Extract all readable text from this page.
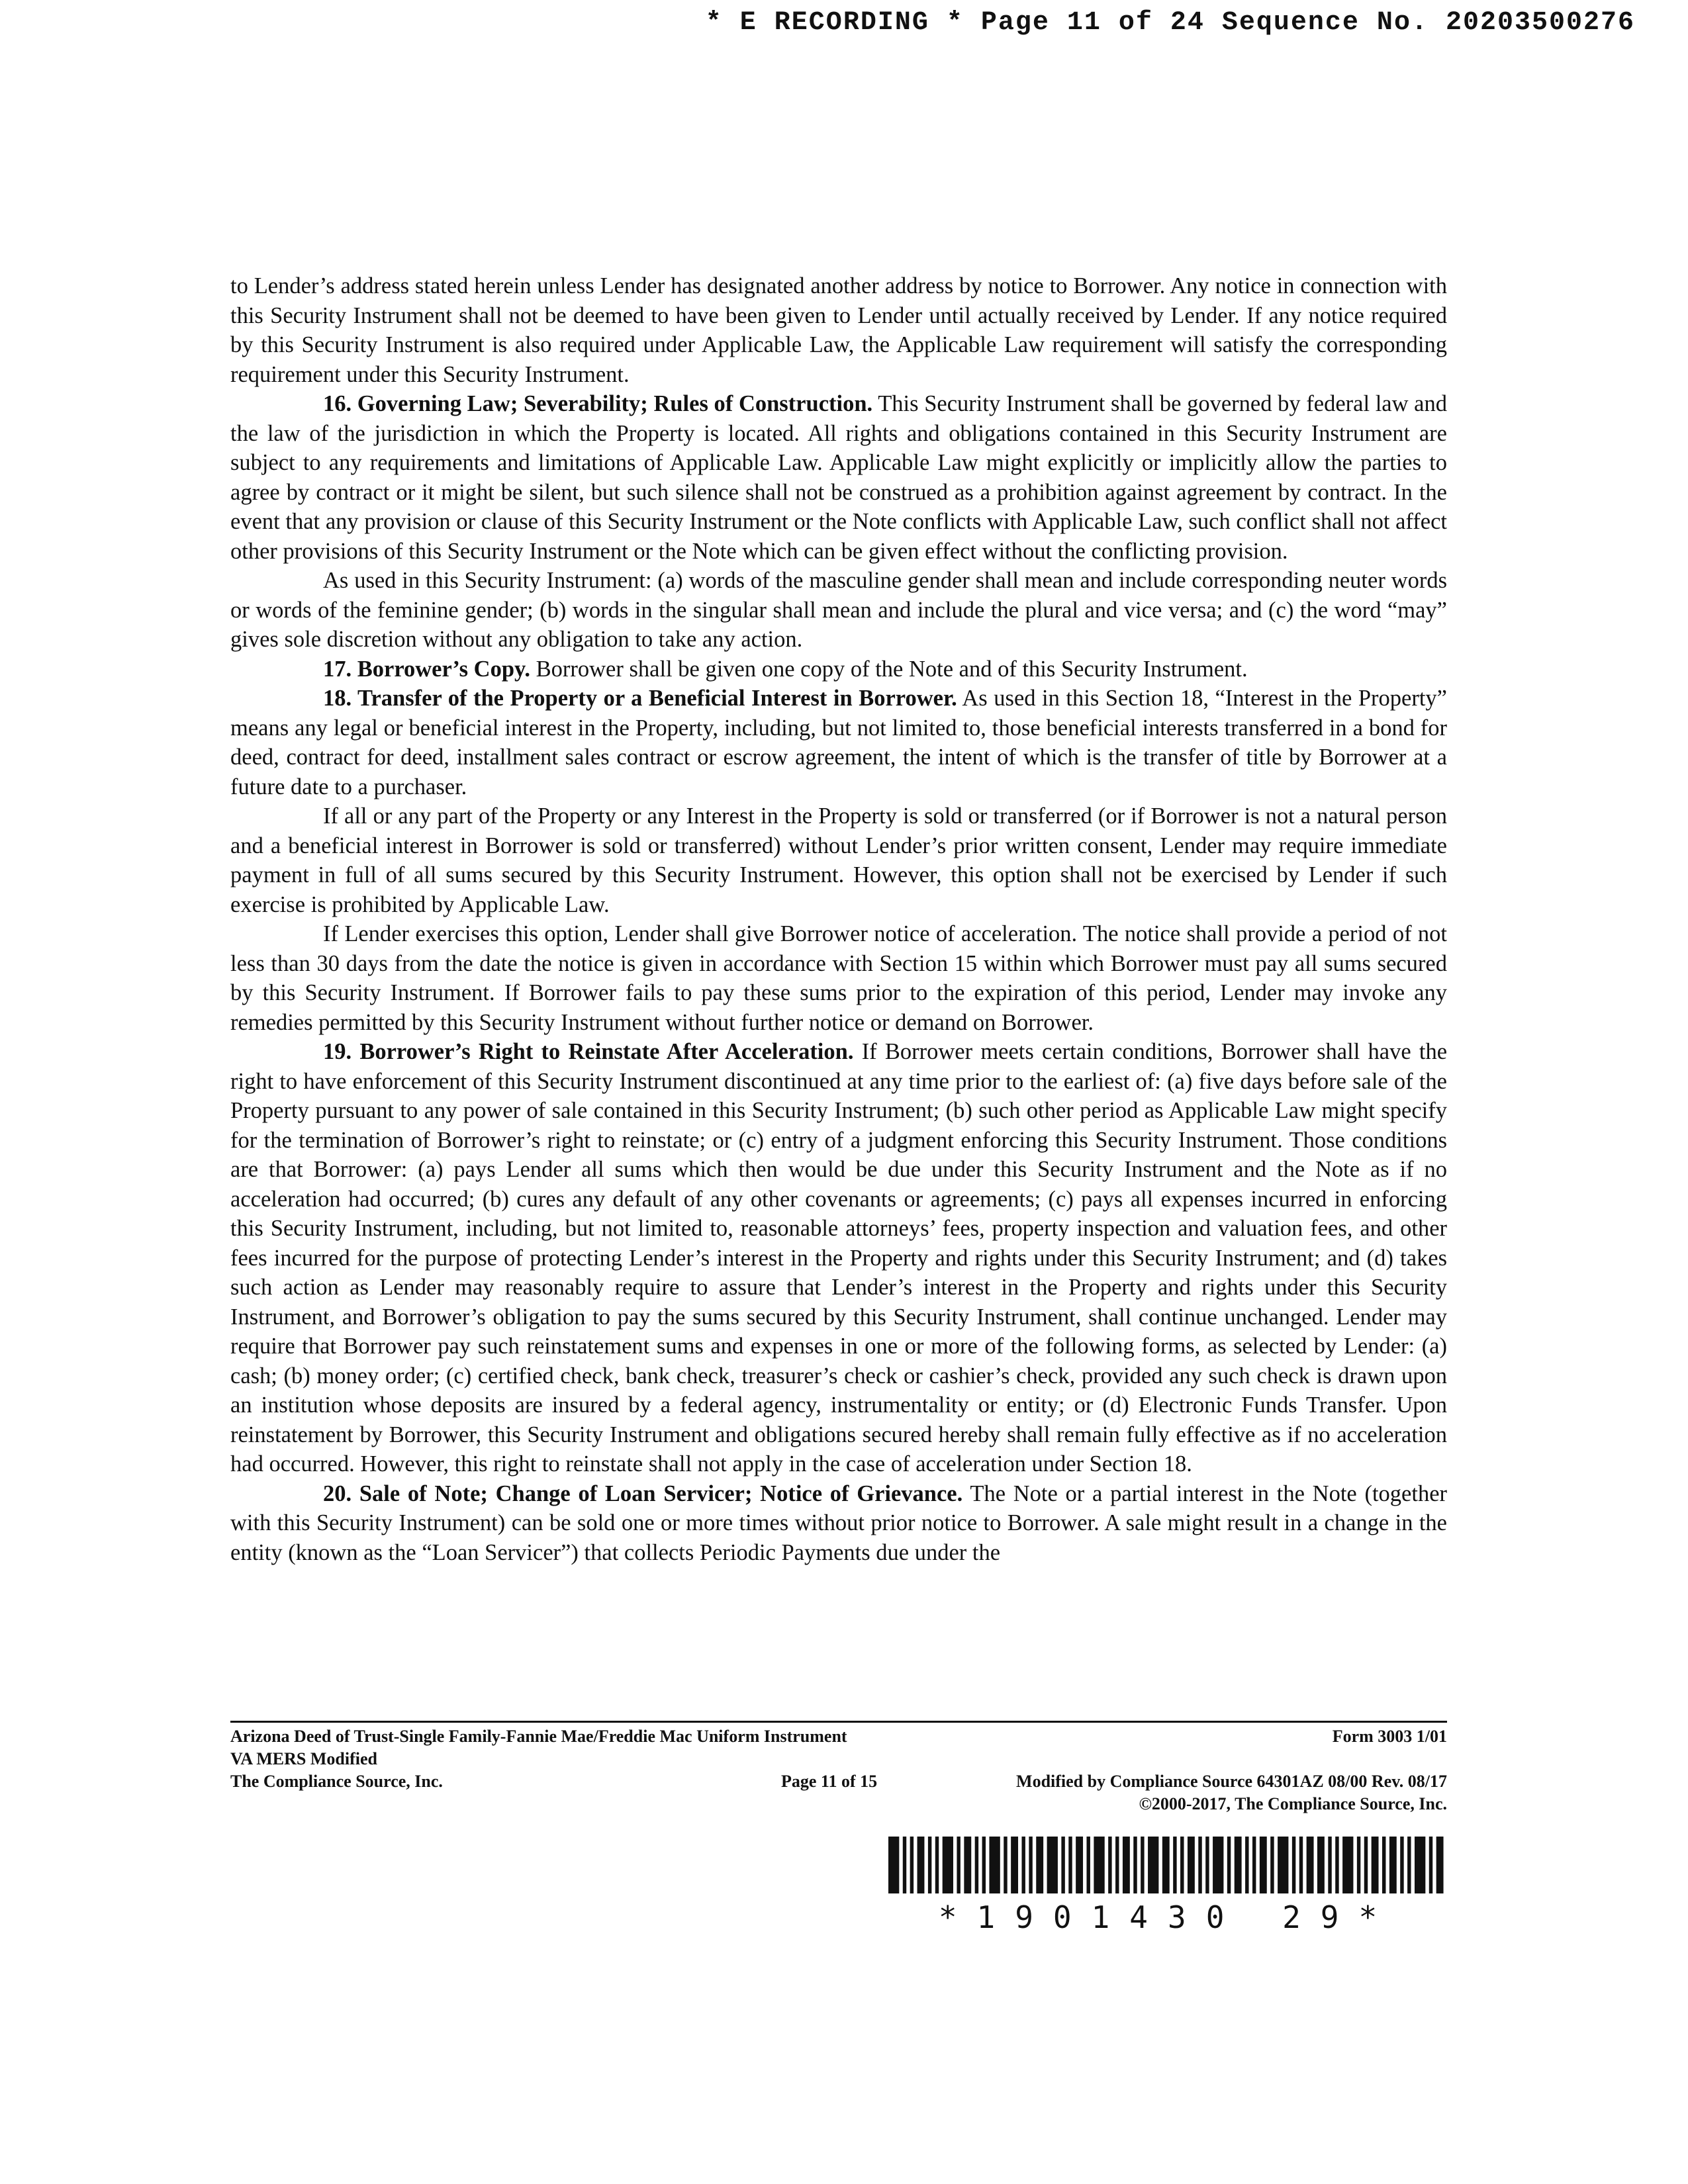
* E RECORDING * Page 11 of 24 Sequence No. 20203500276

to Lender’s address stated herein unless Lender has designated another address by notice to Borrower. Any notice in connection with this Security Instrument shall not be deemed to have been given to Lender until actually received by Lender. If any notice required by this Security Instrument is also required under Applicable Law, the Applicable Law requirement will satisfy the corresponding requirement under this Security Instrument.

16. Governing Law; Severability; Rules of Construction. This Security Instrument shall be governed by federal law and the law of the jurisdiction in which the Property is located. All rights and obligations contained in this Security Instrument are subject to any requirements and limitations of Applicable Law. Applicable Law might explicitly or implicitly allow the parties to agree by contract or it might be silent, but such silence shall not be construed as a prohibition against agreement by contract. In the event that any provision or clause of this Security Instrument or the Note conflicts with Applicable Law, such conflict shall not affect other provisions of this Security Instrument or the Note which can be given effect without the conflicting provision.

As used in this Security Instrument: (a) words of the masculine gender shall mean and include corresponding neuter words or words of the feminine gender; (b) words in the singular shall mean and include the plural and vice versa; and (c) the word “may” gives sole discretion without any obligation to take any action.

17. Borrower’s Copy. Borrower shall be given one copy of the Note and of this Security Instrument.

18. Transfer of the Property or a Beneficial Interest in Borrower. As used in this Section 18, “Interest in the Property” means any legal or beneficial interest in the Property, including, but not limited to, those beneficial interests transferred in a bond for deed, contract for deed, installment sales contract or escrow agreement, the intent of which is the transfer of title by Borrower at a future date to a purchaser.

If all or any part of the Property or any Interest in the Property is sold or transferred (or if Borrower is not a natural person and a beneficial interest in Borrower is sold or transferred) without Lender’s prior written consent, Lender may require immediate payment in full of all sums secured by this Security Instrument. However, this option shall not be exercised by Lender if such exercise is prohibited by Applicable Law.

If Lender exercises this option, Lender shall give Borrower notice of acceleration. The notice shall provide a period of not less than 30 days from the date the notice is given in accordance with Section 15 within which Borrower must pay all sums secured by this Security Instrument. If Borrower fails to pay these sums prior to the expiration of this period, Lender may invoke any remedies permitted by this Security Instrument without further notice or demand on Borrower.

19. Borrower’s Right to Reinstate After Acceleration. If Borrower meets certain conditions, Borrower shall have the right to have enforcement of this Security Instrument discontinued at any time prior to the earliest of: (a) five days before sale of the Property pursuant to any power of sale contained in this Security Instrument; (b) such other period as Applicable Law might specify for the termination of Borrower’s right to reinstate; or (c) entry of a judgment enforcing this Security Instrument. Those conditions are that Borrower: (a) pays Lender all sums which then would be due under this Security Instrument and the Note as if no acceleration had occurred; (b) cures any default of any other covenants or agreements; (c) pays all expenses incurred in enforcing this Security Instrument, including, but not limited to, reasonable attorneys’ fees, property inspection and valuation fees, and other fees incurred for the purpose of protecting Lender’s interest in the Property and rights under this Security Instrument; and (d) takes such action as Lender may reasonably require to assure that Lender’s interest in the Property and rights under this Security Instrument, and Borrower’s obligation to pay the sums secured by this Security Instrument, shall continue unchanged. Lender may require that Borrower pay such reinstatement sums and expenses in one or more of the following forms, as selected by Lender: (a) cash; (b) money order; (c) certified check, bank check, treasurer’s check or cashier’s check, provided any such check is drawn upon an institution whose deposits are insured by a federal agency, instrumentality or entity; or (d) Electronic Funds Transfer. Upon reinstatement by Borrower, this Security Instrument and obligations secured hereby shall remain fully effective as if no acceleration had occurred. However, this right to reinstate shall not apply in the case of acceleration under Section 18.

20. Sale of Note; Change of Loan Servicer; Notice of Grievance. The Note or a partial interest in the Note (together with this Security Instrument) can be sold one or more times without prior notice to Borrower. A sale might result in a change in the entity (known as the “Loan Servicer”) that collects Periodic Payments due under the

Arizona Deed of Trust-Single Family-Fannie Mae/Freddie Mac Uniform Instrument	Form 3003 1/01
VA MERS Modified
The Compliance Source, Inc.	Page 11 of 15	Modified by Compliance Source 64301AZ 08/00 Rev. 08/17
©2000-2017, The Compliance Source, Inc.
*1901430 29*
